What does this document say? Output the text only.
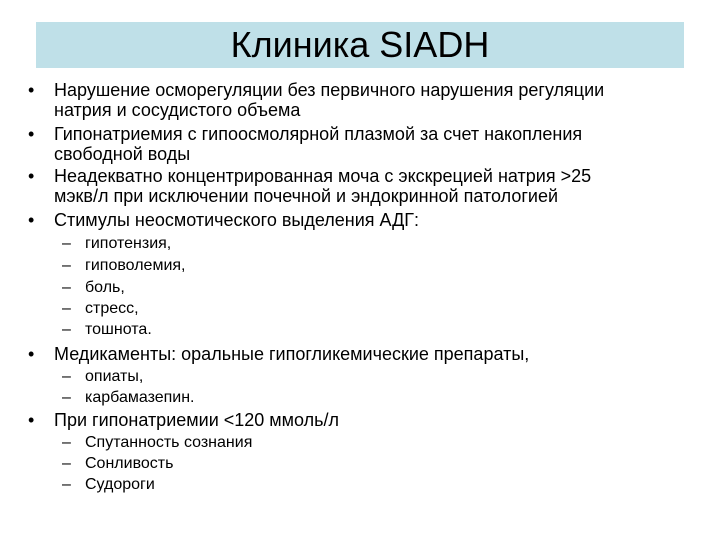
Клиника SIADH
•	Нарушение осморегуляции без первичного нарушения регуляции
натрия и сосудистого объема
•	Гипонатриемия с гипоосмолярной плазмой за счет накопления
свободной воды
•	Неадекватно концентрированная моча с экскрецией натрия >25
мэкв/л при исключении почечной и эндокринной патологией
•	Стимулы неосмотического выделения АДГ:
– гипотензия,
– гиповолемия,
– боль,
– стресс,
– тошнота.
•	Медикаменты: оральные гипогликемические препараты,
– опиаты,
– карбамазепин.
•	При гипонатриемии <120 ммоль/л
– Спутанность сознания
– Сонливость
– Судороги
